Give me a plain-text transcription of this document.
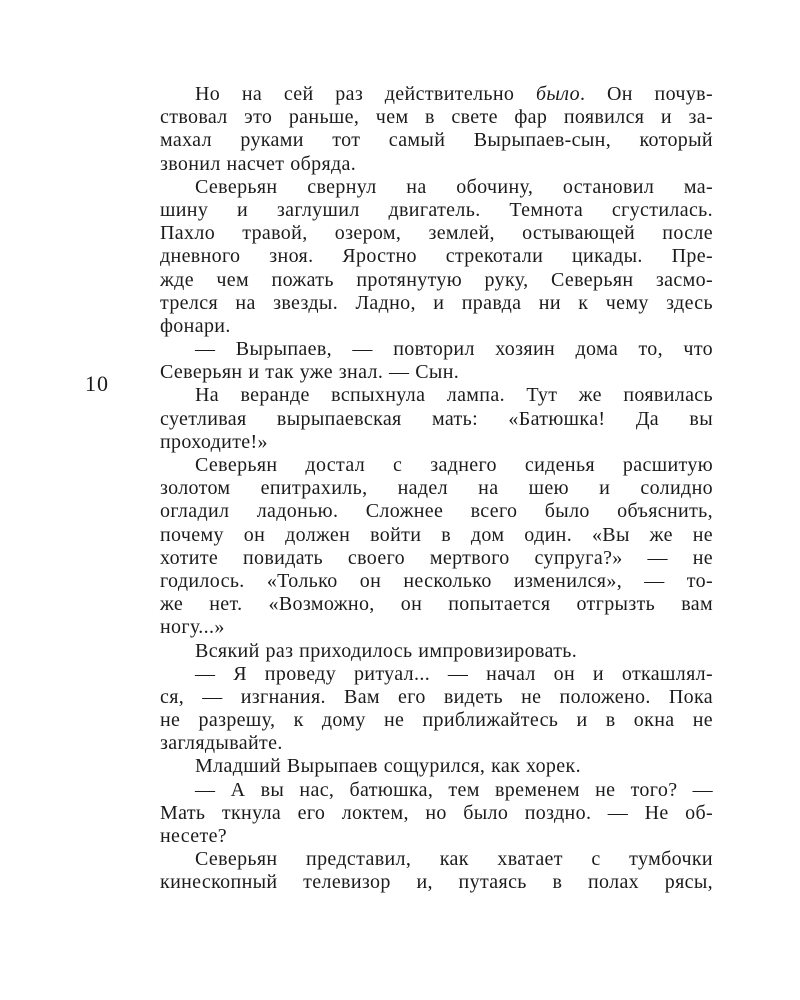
10
Но на сей раз действительно было. Он почув-
ствовал это раньше, чем в свете фар появился и за-
махал руками тот самый Вырыпаев-сын, который
звонил насчет обряда.
Северьян свернул на обочину, остановил ма-
шину и заглушил двигатель. Темнота сгустилась.
Пахло травой, озером, землей, остывающей после
дневного зноя. Яростно стрекотали цикады. Пре-
жде чем пожать протянутую руку, Северьян засмо-
трелся на звезды. Ладно, и правда ни к чему здесь
фонари.
— Вырыпаев, — повторил хозяин дома то, что
Северьян и так уже знал. — Сын.
На веранде вспыхнула лампа. Тут же появилась
суетливая вырыпаевская мать: «Батюшка! Да вы
проходите!»
Северьян достал с заднего сиденья расшитую
золотом епитрахиль, надел на шею и солидно
огладил ладонью. Сложнее всего было объяснить,
почему он должен войти в дом один. «Вы же не
хотите повидать своего мертвого супруга?» — не
годилось. «Только он несколько изменился», — то-
же нет. «Возможно, он попытается отгрызть вам
ногу...»
Всякий раз приходилось импровизировать.
— Я проведу ритуал... — начал он и откашлял-
ся, — изгнания. Вам его видеть не положено. Пока
не разрешу, к дому не приближайтесь и в окна не
заглядывайте.
Младший Вырыпаев сощурился, как хорек.
— А вы нас, батюшка, тем временем не того? —
Мать ткнула его локтем, но было поздно. — Не об-
несете?
Северьян представил, как хватает с тумбочки
кинескопный телевизор и, путаясь в полах рясы,
